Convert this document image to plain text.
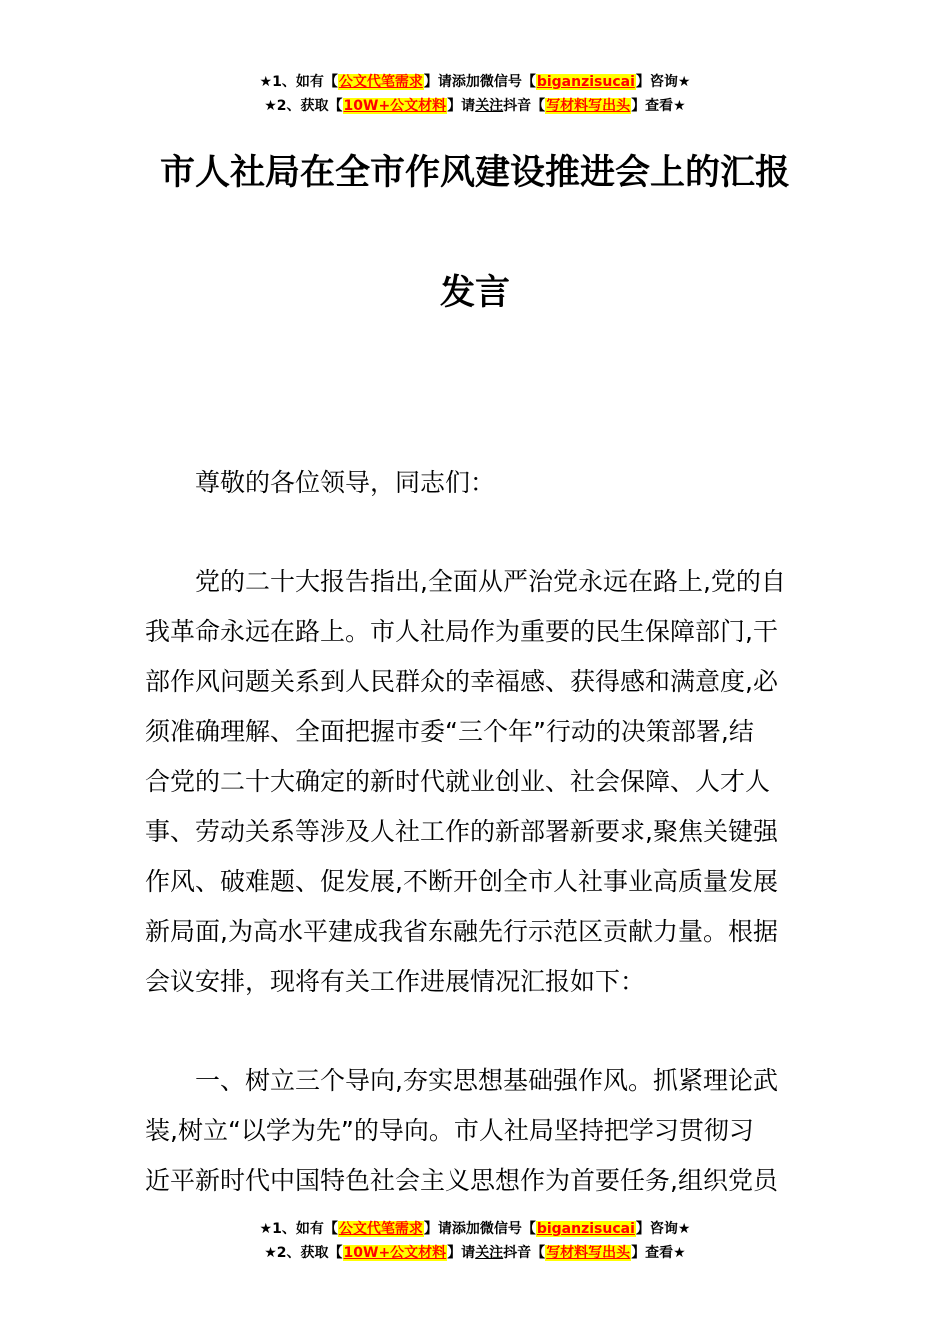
★1、如有【公文代笔需求】请添加微信号【biganzisucai】咨询★
★2、获取【10W+公文材料】请关注抖音【写材料写出头】查看★
市人社局在全市作风建设推进会上的汇报
发言

尊敬的各位领导，同志们：

党的二十大报告指出,全面从严治党永远在路上,党的自
我革命永远在路上。市人社局作为重要的民生保障部门,干
部作风问题关系到人民群众的幸福感、获得感和满意度,必
须准确理解、全面把握市委“三个年”行动的决策部署,结
合党的二十大确定的新时代就业创业、社会保障、人才人
事、劳动关系等涉及人社工作的新部署新要求,聚焦关键强
作风、破难题、促发展,不断开创全市人社事业高质量发展
新局面,为高水平建成我省东融先行示范区贡献力量。根据
会议安排，现将有关工作进展情况汇报如下：
一、树立三个导向,夯实思想基础强作风。抓紧理论武
装,树立“以学为先”的导向。市人社局坚持把学习贯彻习
近平新时代中国特色社会主义思想作为首要任务,组织党员
★1、如有【公文代笔需求】请添加微信号【biganzisucai】咨询★
★2、获取【10W+公文材料】请关注抖音【写材料写出头】查看★
